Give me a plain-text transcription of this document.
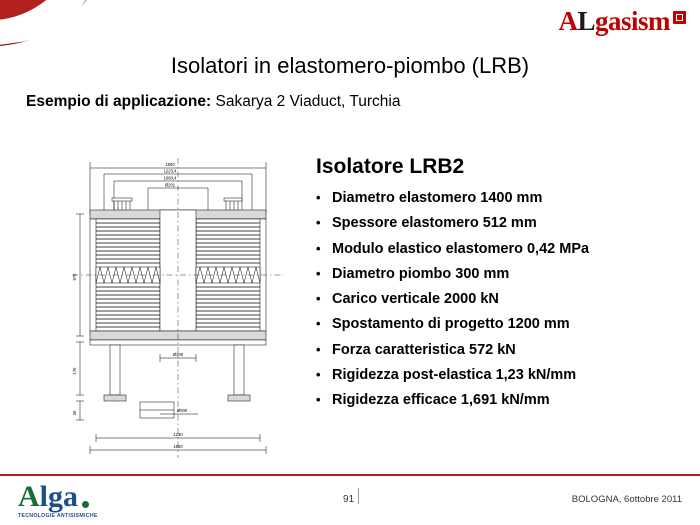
A L gasism
Isolatori in elastomero-piombo (LRB)
Esempio di applicazione: Sakarya 2 Viaduct, Turchia
1500
1223,4
1060,4
Ø201
976
175
35
Ø300
Ø000
1230
1500
Isolatore LRB2
• Diametro elastomero 1400 mm
• Spessore elastomero 512 mm
• Modulo elastico elastomero 0,42 MPa
• Diametro piombo 300 mm
• Carico verticale 2000 kN
• Spostamento di progetto 1200 mm
• Forza caratteristica 572 kN
• Rigidezza post-elastica 1,23 kN/mm
• Rigidezza efficace 1,691 kN/mm
A lga
TECNOLOGIE ANTISISMICHE
91	BOLOGNA, 6ottobre 2011
